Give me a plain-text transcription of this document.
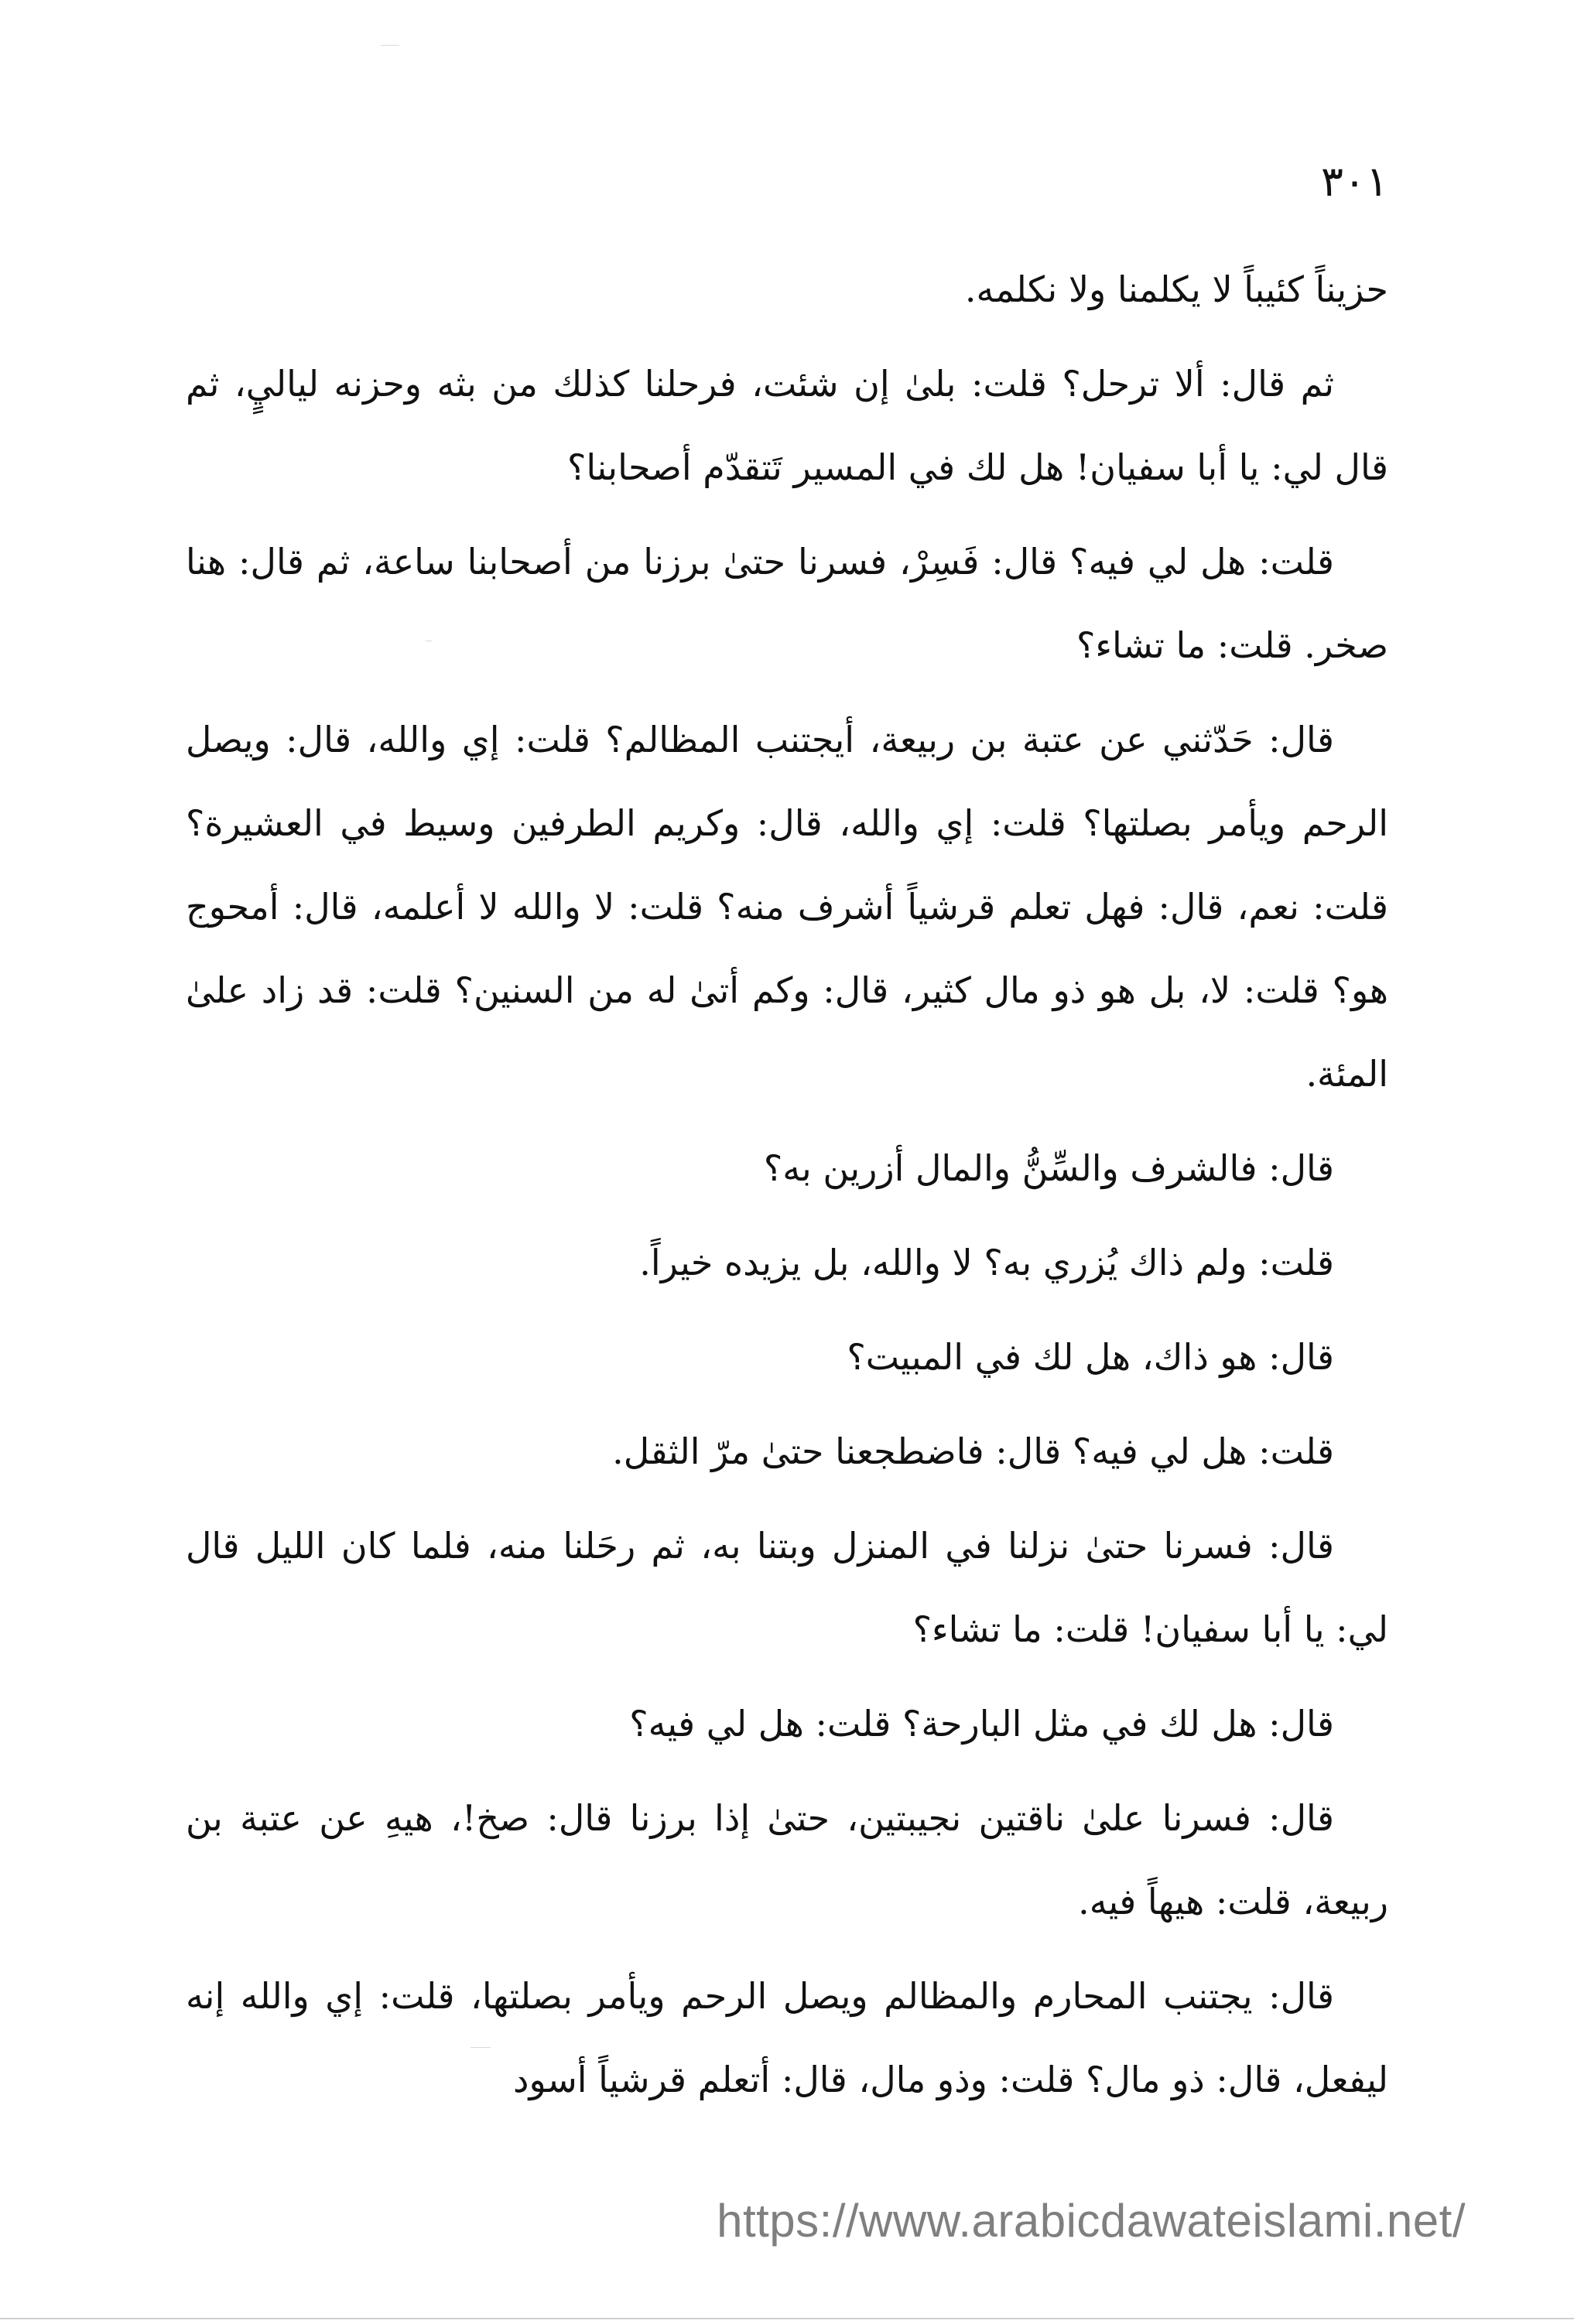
٣٠١

حزيناً كئيباً لا يكلمنا ولا نكلمه.

ثم قال: ألا ترحل؟ قلت: بلىٰ إن شئت، فرحلنا كذلك من بثه وحزنه لياليٍ، ثم قال لي: يا أبا سفيان! هل لك في المسير تَتقدّم أصحابنا؟

قلت: هل لي فيه؟ قال: فَسِرْ، فسرنا حتىٰ برزنا من أصحابنا ساعة، ثم قال: هنا صخر. قلت: ما تشاء؟

قال: حَدّثني عن عتبة بن ربيعة، أيجتنب المظالم؟ قلت: إي والله، قال: ويصل الرحم ويأمر بصلتها؟ قلت: إي والله، قال: وكريم الطرفين وسيط في العشيرة؟ قلت: نعم، قال: فهل تعلم قرشياً أشرف منه؟ قلت: لا والله لا أعلمه، قال: أمحوج هو؟ قلت: لا، بل هو ذو مال كثير، قال: وكم أتىٰ له من السنين؟ قلت: قد زاد علىٰ المئة.

قال: فالشرف والسِّنُّ والمال أزرين به؟

قلت: ولم ذاك يُزري به؟ لا والله، بل يزيده خيراً.

قال: هو ذاك، هل لك في المبيت؟

قلت: هل لي فيه؟ قال: فاضطجعنا حتىٰ مرّ الثقل.

قال: فسرنا حتىٰ نزلنا في المنزل وبتنا به، ثم رحَلنا منه، فلما كان الليل قال لي: يا أبا سفيان! قلت: ما تشاء؟

قال: هل لك في مثل البارحة؟ قلت: هل لي فيه؟

قال: فسرنا علىٰ ناقتين نجيبتين، حتىٰ إذا برزنا قال: صخ!، هيهِ عن عتبة بن ربيعة، قلت: هيهاً فيه.

قال: يجتنب المحارم والمظالم ويصل الرحم ويأمر بصلتها، قلت: إي والله إنه ليفعل، قال: ذو مال؟ قلت: وذو مال، قال: أتعلم قرشياً أسود

https://www.arabicdawateislami.net/
